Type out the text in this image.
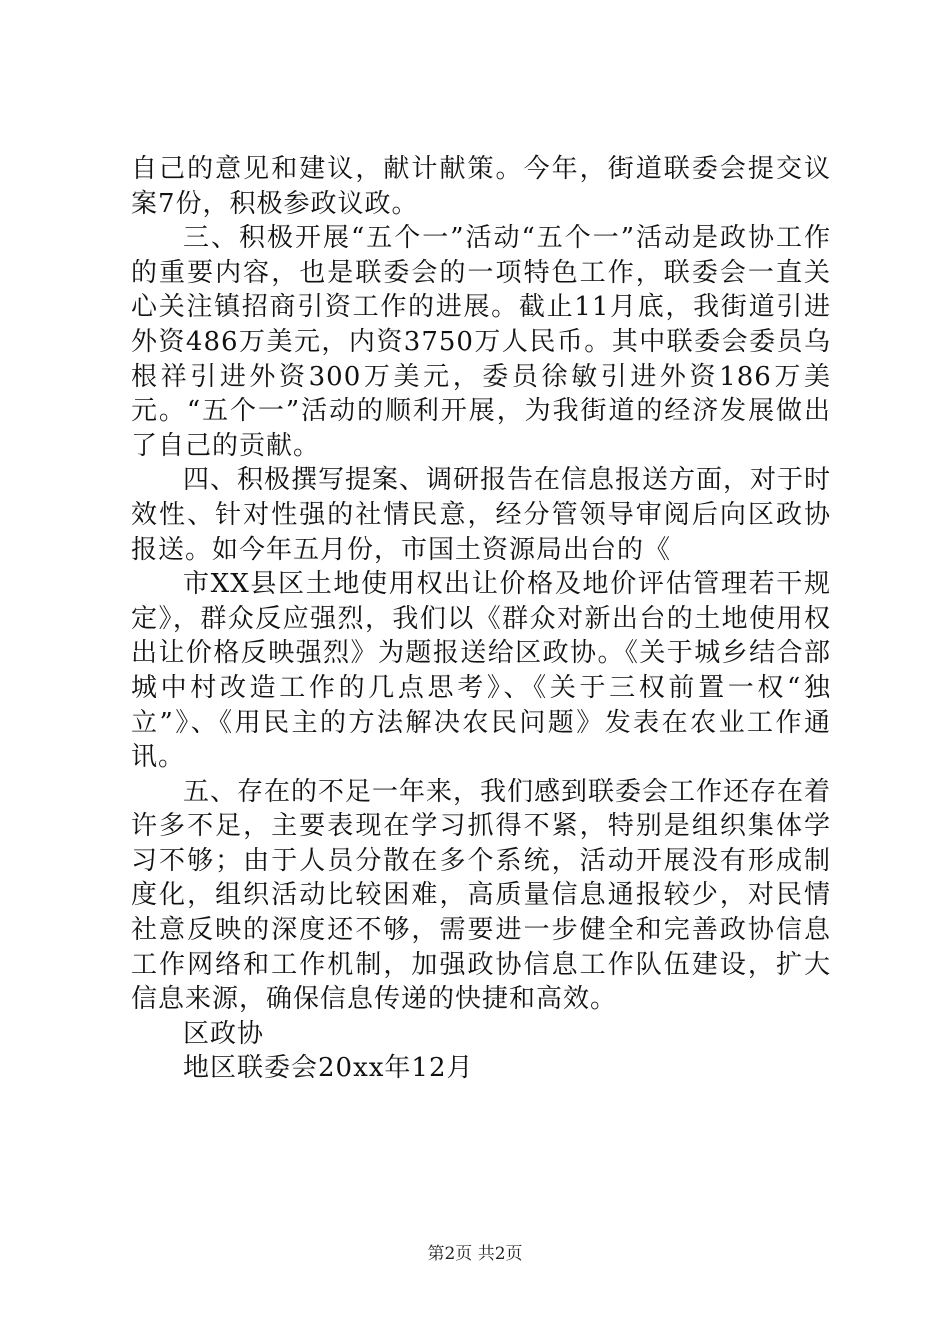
自己的意见和建议，献计献策。今年，街道联委会提交议案7份，积极参政议政。

三、积极开展“五个一”活动“五个一”活动是政协工作的重要内容，也是联委会的一项特色工作，联委会一直关心关注镇招商引资工作的进展。截止11月底，我街道引进外资486万美元，内资3750万人民币。其中联委会委员乌根祥引进外资300万美元，委员徐敏引进外资186万美元。“五个一”活动的顺利开展，为我街道的经济发展做出了自己的贡献。

四、积极撰写提案、调研报告在信息报送方面，对于时效性、针对性强的社情民意，经分管领导审阅后向区政协报送。如今年五月份，市国土资源局出台的《

市XX县区土地使用权出让价格及地价评估管理若干规定》，群众反应强烈，我们以《群众对新出台的土地使用权出让价格反映强烈》为题报送给区政协。《关于城乡结合部城中村改造工作的几点思考》、《关于三权前置一权“独立”》、《用民主的方法解决农民问题》发表在农业工作通讯。

五、存在的不足一年来，我们感到联委会工作还存在着许多不足，主要表现在学习抓得不紧，特别是组织集体学习不够；由于人员分散在多个系统，活动开展没有形成制度化，组织活动比较困难，高质量信息通报较少，对民情社意反映的深度还不够，需要进一步健全和完善政协信息工作网络和工作机制，加强政协信息工作队伍建设，扩大信息来源，确保信息传递的快捷和高效。

区政协

地区联委会20xx年12月

第2页 共2页
